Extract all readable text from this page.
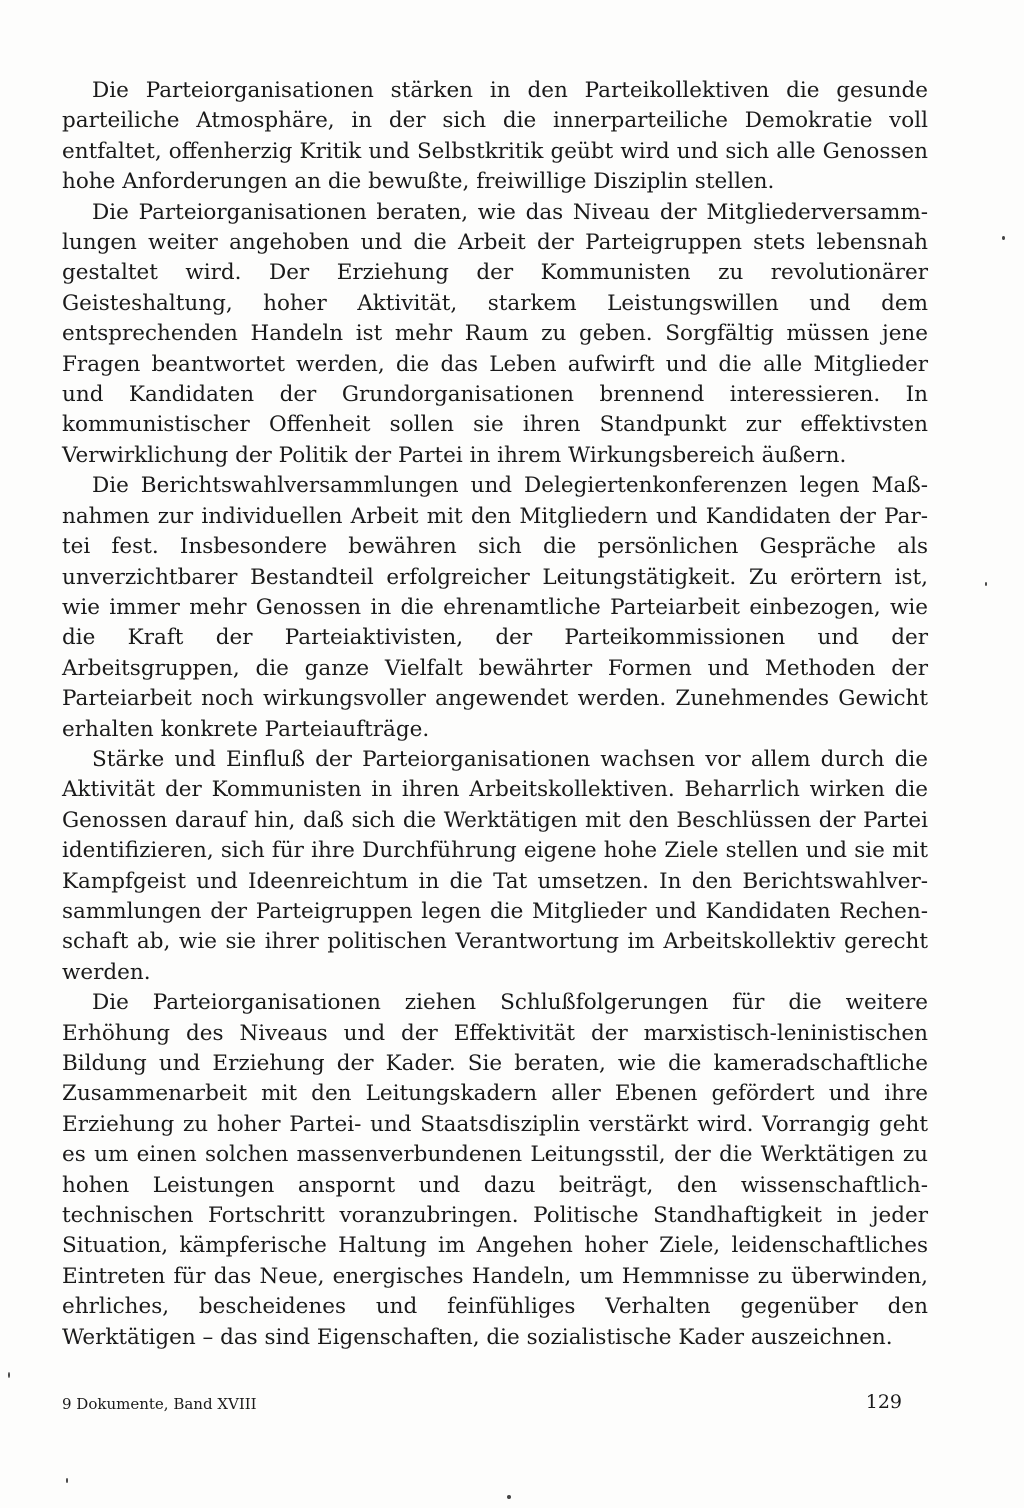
Die Parteiorganisationen stärken in den Parteikollektiven die gesunde parteiliche Atmosphäre, in der sich die innerparteiliche Demokratie voll entfaltet, offenherzig Kritik und Selbstkritik geübt wird und sich alle Genossen hohe Anforderungen an die bewußte, freiwillige Disziplin stellen.

Die Parteiorganisationen beraten, wie das Niveau der Mitgliederversammlungen weiter angehoben und die Arbeit der Parteigruppen stets lebensnah gestaltet wird. Der Erziehung der Kommunisten zu revolutionärer Geisteshaltung, hoher Aktivität, starkem Leistungswillen und dem entsprechenden Handeln ist mehr Raum zu geben. Sorgfältig müssen jene Fragen beantwortet werden, die das Leben aufwirft und die alle Mitglieder und Kandidaten der Grundorganisationen brennend interessieren. In kommunistischer Offenheit sollen sie ihren Standpunkt zur effektivsten Verwirklichung der Politik der Partei in ihrem Wirkungsbereich äußern.

Die Berichtswahlversammlungen und Delegiertenkonferenzen legen Maßnahmen zur individuellen Arbeit mit den Mitgliedern und Kandidaten der Partei fest. Insbesondere bewähren sich die persönlichen Gespräche als unverzichtbarer Bestandteil erfolgreicher Leitungstätigkeit. Zu erörtern ist, wie immer mehr Genossen in die ehrenamtliche Parteiarbeit einbezogen, wie die Kraft der Parteiaktivisten, der Parteikommissionen und der Arbeitsgruppen, die ganze Vielfalt bewährter Formen und Methoden der Parteiarbeit noch wirkungsvoller angewendet werden. Zunehmendes Gewicht erhalten konkrete Parteiaufträge.

Stärke und Einfluß der Parteiorganisationen wachsen vor allem durch die Aktivität der Kommunisten in ihren Arbeitskollektiven. Beharrlich wirken die Genossen darauf hin, daß sich die Werktätigen mit den Beschlüssen der Partei identifizieren, sich für ihre Durchführung eigene hohe Ziele stellen und sie mit Kampfgeist und Ideenreichtum in die Tat umsetzen. In den Berichtswahlversammlungen der Parteigruppen legen die Mitglieder und Kandidaten Rechenschaft ab, wie sie ihrer politischen Verantwortung im Arbeitskollektiv gerecht werden.

Die Parteiorganisationen ziehen Schlußfolgerungen für die weitere Erhöhung des Niveaus und der Effektivität der marxistisch-leninistischen Bildung und Erziehung der Kader. Sie beraten, wie die kameradschaftliche Zusammenarbeit mit den Leitungskadern aller Ebenen gefördert und ihre Erziehung zu hoher Partei- und Staatsdisziplin verstärkt wird. Vorrangig geht es um einen solchen massenverbundenen Leitungsstil, der die Werktätigen zu hohen Leistungen anspornt und dazu beiträgt, den wissenschaftlich-technischen Fortschritt voranzubringen. Politische Standhaftigkeit in jeder Situation, kämpferische Haltung im Angehen hoher Ziele, leidenschaftliches Eintreten für das Neue, energisches Handeln, um Hemmnisse zu überwinden, ehrliches, bescheidenes und feinfühliges Verhalten gegenüber den Werktätigen – das sind Eigenschaften, die sozialistische Kader auszeichnen.

9 Dokumente, Band XVIII	129
